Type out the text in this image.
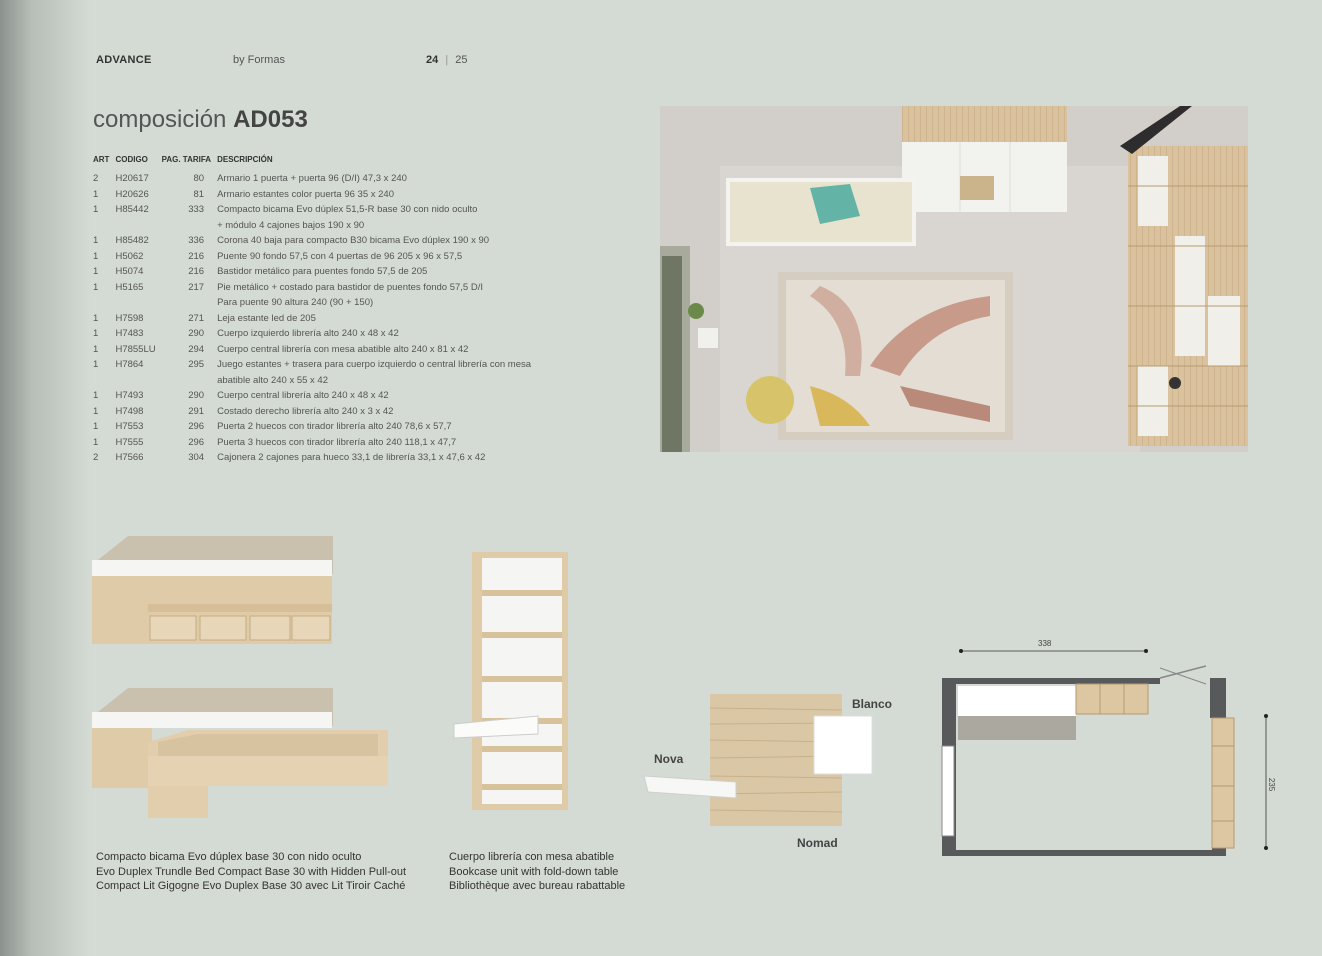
ADVANCE	by Formas	24 | 25
composición AD053
ART	CODIGO	PAG. TARIFA	DESCRIPCIÓN
2	H20617	80	Armario 1 puerta + puerta 96 (D/I) 47,3 x 240
1	H20626	81	Armario estantes color puerta 96 35 x 240
1	H85442	333	Compacto bicama Evo dúplex 51,5-R base 30 con nido oculto
			+ módulo 4 cajones bajos 190 x 90
1	H85482	336	Corona 40 baja para compacto B30 bicama Evo dúplex 190 x 90
1	H5062	216	Puente 90 fondo 57,5 con 4 puertas de 96 205 x 96 x 57,5
1	H5074	216	Bastidor metálico para puentes fondo 57,5 de 205
1	H5165	217	Pie metálico + costado para bastidor de puentes fondo 57,5 D/I
			Para puente 90 altura 240 (90 + 150)
1	H7598	271	Leja estante led de 205
1	H7483	290	Cuerpo izquierdo librería alto 240 x 48 x 42
1	H7855LU	294	Cuerpo central librería con mesa abatible alto 240 x 81 x 42
1	H7864	295	Juego estantes + trasera para cuerpo izquierdo o central librería con mesa
			abatible alto 240 x 55 x 42
1	H7493	290	Cuerpo central librería alto 240 x 48 x 42
1	H7498	291	Costado derecho librería alto 240 x 3 x 42
1	H7553	296	Puerta 2 huecos con tirador librería alto 240 78,6 x 57,7
1	H7555	296	Puerta 3 huecos con tirador librería alto 240 118,1 x 47,7
2	H7566	304	Cajonera 2 cajones para hueco 33,1 de librería 33,1 x 47,6 x 42
Blanco
Nova
Nomad
338
235
Compacto bicama Evo dúplex base 30 con nido oculto
Evo Duplex Trundle Bed Compact Base 30 with Hidden Pull-out
Compact Lit Gigogne Evo Duplex Base 30 avec Lit Tiroir Caché
Cuerpo librería con mesa abatible
Bookcase unit with fold-down table
Bibliothèque avec bureau rabattable
